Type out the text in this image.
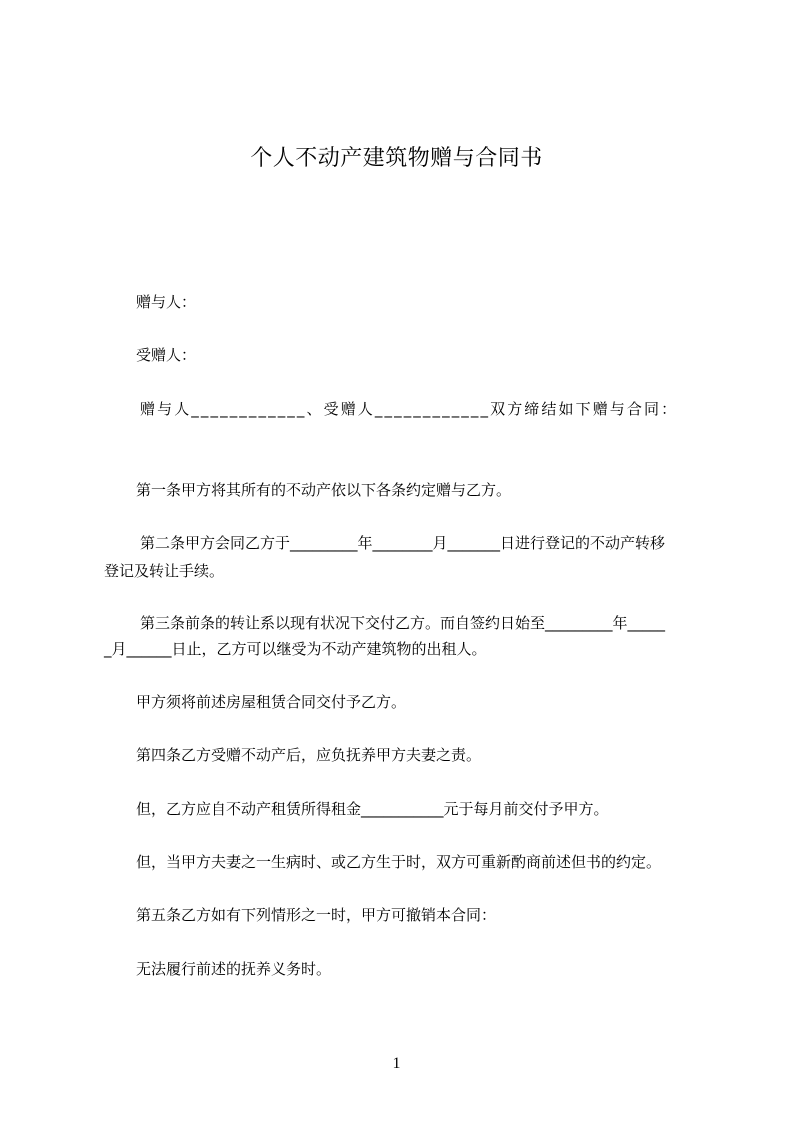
个人不动产建筑物赠与合同书
赠与人：
受赠人：
赠与人____________、受赠人____________双方缔结如下赠与合同：
第一条甲方将其所有的不动产依以下各条约定赠与乙方。
第二条甲方会同乙方于_________年________月_______日进行登记的不动产转移
登记及转让手续。
第三条前条的转让系以现有状况下交付乙方。而自签约日始至_________年_____
_月______日止，乙方可以继受为不动产建筑物的出租人。
甲方须将前述房屋租赁合同交付予乙方。
第四条乙方受赠不动产后，应负抚养甲方夫妻之责。
但，乙方应自不动产租赁所得租金___________元于每月前交付予甲方。
但，当甲方夫妻之一生病时、或乙方生于时，双方可重新酌商前述但书的约定。
第五条乙方如有下列情形之一时，甲方可撤销本合同：
无法履行前述的抚养义务时。
1
